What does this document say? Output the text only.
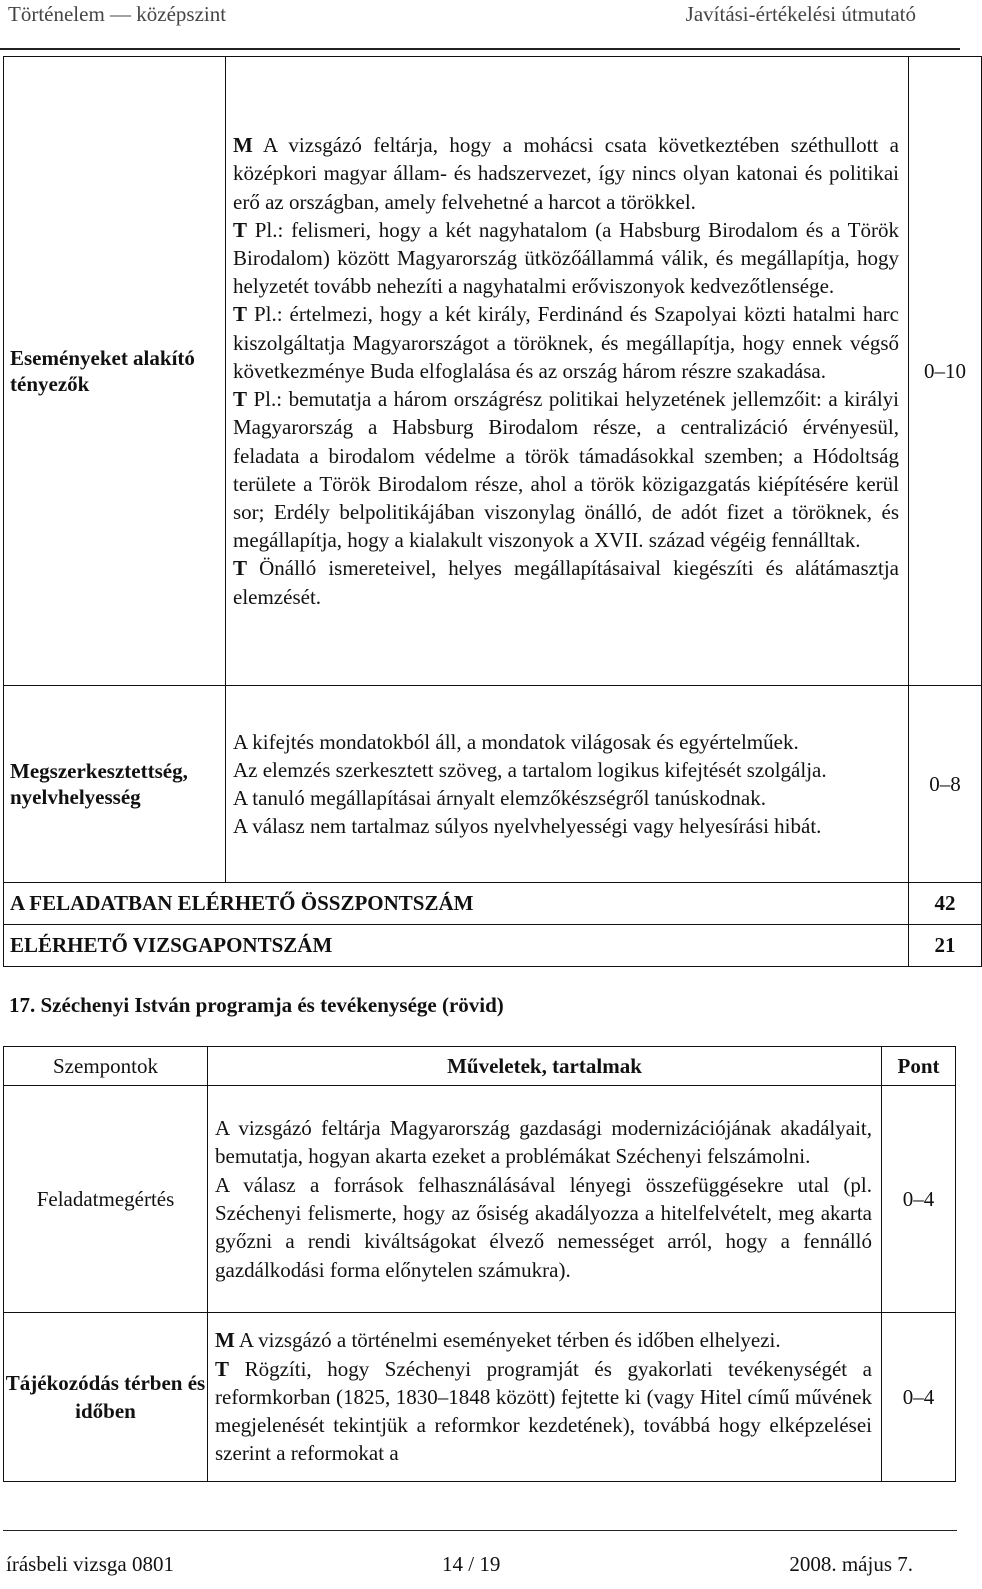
Történelem — középszint	Javítási-értékelési útmutató
Eseményeket alakító tényezők	M A vizsgázó feltárja, hogy a mohácsi csata következtében széthullott a középkori magyar állam- és hadszervezet, így nincs olyan katonai és politikai erő az országban, amely felvehetné a harcot a törökkel.

T Pl.: felismeri, hogy a két nagyhatalom (a Habsburg Birodalom és a Török Birodalom) között Magyarország ütközőállammá válik, és megállapítja, hogy helyzetét tovább nehezíti a nagyhatalmi erőviszonyok kedvezőtlensége.

T Pl.: értelmezi, hogy a két király, Ferdinánd és Szapolyai közti hatalmi harc kiszolgáltatja Magyarországot a töröknek, és megállapítja, hogy ennek végső következménye Buda elfoglalása és az ország három részre szakadása.

T Pl.: bemutatja a három országrész politikai helyzetének jellemzőit: a királyi Magyarország a Habsburg Birodalom része, a centralizáció érvényesül, feladata a birodalom védelme a török támadásokkal szemben; a Hódoltság területe a Török Birodalom része, ahol a török közigazgatás kiépítésére kerül sor; Erdély belpolitikájában viszonylag önálló, de adót fizet a töröknek, és megállapítja, hogy a kialakult viszonyok a XVII. század végéig fennálltak.

T Önálló ismereteivel, helyes megállapításaival kiegészíti és alátámasztja elemzését.	0–10
Megszerkesztettség, nyelvhelyesség	A kifejtés mondatokból áll, a mondatok világosak és egyértelműek.

Az elemzés szerkesztett szöveg, a tartalom logikus kifejtését szolgálja.

A tanuló megállapításai árnyalt elemzőkészségről tanúskodnak.

A válasz nem tartalmaz súlyos nyelvhelyességi vagy helyesírási hibát.	0–8
A FELADATBAN ELÉRHETŐ ÖSSZPONTSZÁM		42
ELÉRHETŐ VIZSGAPONTSZÁM		21
17. Széchenyi István programja és tevékenysége (rövid)
Szempontok	Műveletek, tartalmak	Pont
Feladatmegértés	A vizsgázó feltárja Magyarország gazdasági modernizációjának akadályait, bemutatja, hogyan akarta ezeket a problémákat Széchenyi felszámolni.

A válasz a források felhasználásával lényegi összefüggésekre utal (pl. Széchenyi felismerte, hogy az ősiség akadályozza a hitelfelvételt, meg akarta győzni a rendi kiváltságokat élvező nemességet arról, hogy a fennálló gazdálkodási forma előnytelen számukra).	0–4
Tájékozódás térben és időben	M A vizsgázó a történelmi eseményeket térben és időben elhelyezi.

T Rögzíti, hogy Széchenyi programját és gyakorlati tevékenységét a reformkorban (1825, 1830–1848 között) fejtette ki (vagy Hitel című művének megjelenését tekintjük a reformkor kezdetének), továbbá hogy elképzelései szerint a reformokat a	0–4
írásbeli vizsga 0801	14 / 19	2008. május 7.
